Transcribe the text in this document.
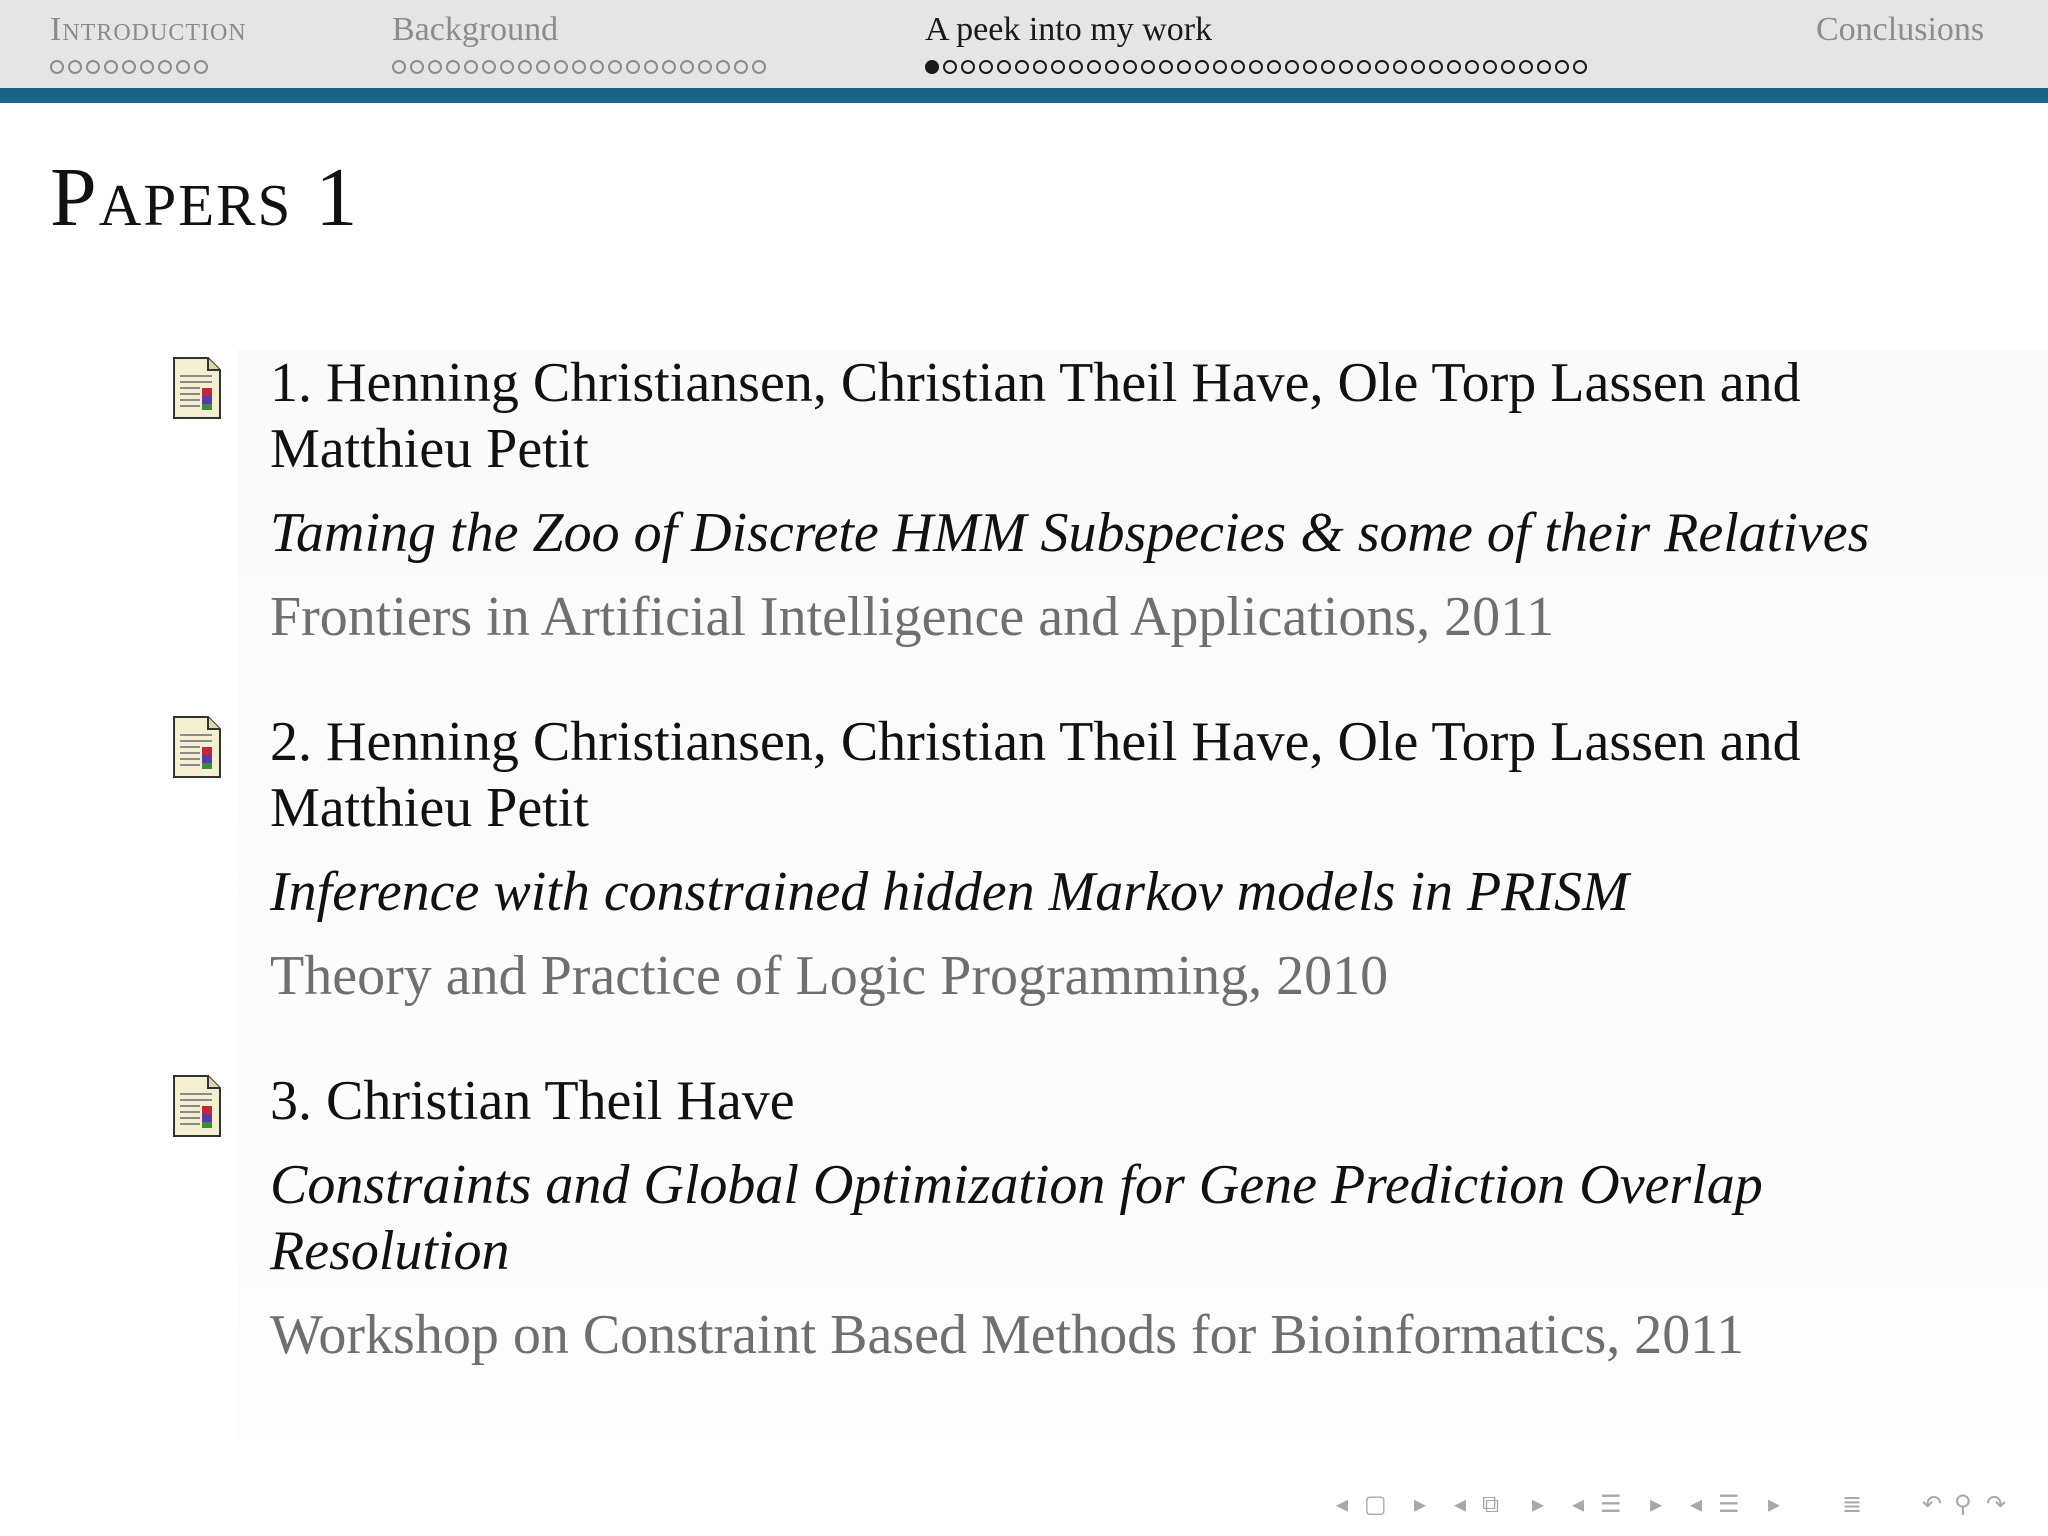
Introduction	Background	A peek into my work	Conclusions
Papers 1
1. Henning Christiansen, Christian Theil Have, Ole Torp Lassen and Matthieu Petit
Taming the Zoo of Discrete HMM Subspecies & some of their Relatives
Frontiers in Artificial Intelligence and Applications, 2011
2. Henning Christiansen, Christian Theil Have, Ole Torp Lassen and Matthieu Petit
Inference with constrained hidden Markov models in PRISM
Theory and Practice of Logic Programming, 2010
3. Christian Theil Have
Constraints and Global Optimization for Gene Prediction Overlap Resolution
Workshop on Constraint Based Methods for Bioinformatics, 2011
◂ ▢ ▸ ◂ ⧉ ▸ ◂ ☰ ▸ ◂ ☰ ▸	≣ ↶ ⚲ ↷
